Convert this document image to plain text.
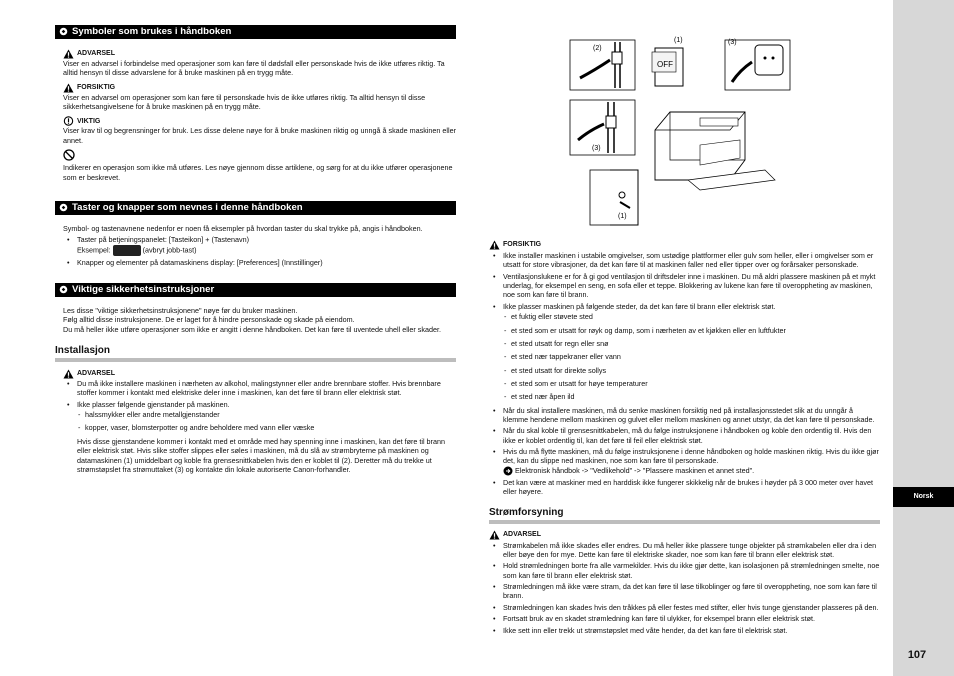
Norsk
107
Symboler som brukes i håndboken
ADVARSEL

Viser en advarsel i forbindelse med operasjoner som kan føre til dødsfall eller personskade hvis de ikke utføres riktig. Ta alltid hensyn til disse advarslene for å bruke maskinen på en trygg måte.

FORSIKTIG

Viser en advarsel om operasjoner som kan føre til personskade hvis de ikke utføres riktig. Ta alltid hensyn til disse sikkerhetsangivelsene for å bruke maskinen på en trygg måte.

VIKTIG

Viser krav til og begrensninger for bruk. Les disse delene nøye for å bruke maskinen riktig og unngå å skade maskinen eller annet.

Indikerer en operasjon som ikke må utføres. Les nøye gjennom disse artiklene, og sørg for at du ikke utfører operasjonene som er beskrevet.

Taster og knapper som nevnes i denne håndboken

Symbol- og tastenavnene nedenfor er noen få eksempler på hvordan taster du skal trykke på, angis i håndboken.

• Taster på betjeningspanelet: [Tasteikon] + (Tastenavn)
Eksempel:	(avbryt jobb-tast)
• Knapper og elementer på datamaskinens display: [Preferences] (Innstillinger)
Viktige sikkerhetsinstruksjoner

Les disse "viktige sikkerhetsinstruksjonene" nøye før du bruker maskinen.

Følg alltid disse instruksjonene. De er laget for å hindre personskade og skade på eiendom.

Du må heller ikke utføre operasjoner som ikke er angitt i denne håndboken. Det kan føre til uventede uhell eller skader.

Installasjon
ADVARSEL
• Du må ikke installere maskinen i nærheten av alkohol, malingstynner eller andre brennbare stoffer. Hvis brennbare stoffer kommer i kontakt med elektriske deler inne i maskinen, kan det føre til brann eller elektrisk støt.
• Ikke plasser følgende gjenstander på maskinen.
- halssmykker eller andre metallgjenstander
- kopper, vaser, blomsterpotter og andre beholdere med vann eller væske
Hvis disse gjenstandene kommer i kontakt med et område med høy spenning inne i maskinen, kan det føre til brann eller elektrisk støt. Hvis slike stoffer slippes eller søles i maskinen, må du slå av strømbryterne på maskinen og datamaskinen (1) umiddelbart og koble fra grensesnittkabelen hvis den er koblet til (2). Deretter må du trekke ut strømstøpslet fra strømuttaket (3) og kontakte din lokale autoriserte Canon-forhandler.
(2)
OFF
(1)	(3)
(3)
(1)
FORSIKTIG
• Ikke installer maskinen i ustabile omgivelser, som ustødige plattformer eller gulv som heller, eller i omgivelser som er utsatt for store vibrasjoner, da det kan føre til at maskinen faller ned eller tipper over og forårsaker personskade.
• Ventilasjonslukene er for å gi god ventilasjon til driftsdeler inne i maskinen. Du må aldri plassere maskinen på et mykt underlag, for eksempel en seng, en sofa eller et teppe. Blokkering av lukene kan føre til overoppheting av maskinen, noe som kan føre til brann.
• Ikke plasser maskinen på følgende steder, da det kan føre til brann eller elektrisk støt.
- et fuktig eller støvete sted
- et sted som er utsatt for røyk og damp, som i nærheten av et kjøkken eller en luftfukter
- et sted utsatt for regn eller snø
- et sted nær tappekraner eller vann
- et sted utsatt for direkte sollys
- et sted som er utsatt for høye temperaturer
- et sted nær åpen ild
• Når du skal installere maskinen, må du senke maskinen forsiktig ned på installasjonsstedet slik at du unngår å klemme hendene mellom maskinen og gulvet eller mellom maskinen og annet utstyr, da det kan føre til personskade.
• Når du skal koble til grensesnittkabelen, må du følge instruksjonene i håndboken og koble den ordentlig til. Hvis den ikke er koblet ordentlig til, kan det føre til feil eller elektrisk støt.
• Hvis du må flytte maskinen, må du følge instruksjonene i denne håndboken og holde maskinen riktig. Hvis du ikke gjør det, kan du slippe ned maskinen, noe som kan føre til personskade.
Elektronisk håndbok -> "Vedlikehold" -> "Plassere maskinen et annet sted".
• Det kan være at maskiner med en harddisk ikke fungerer skikkelig når de brukes i høyder på 3 000 meter over havet eller høyere.
Strømforsyning
ADVARSEL
• Strømkabelen må ikke skades eller endres. Du må heller ikke plassere tunge objekter på strømkabelen eller dra i den eller bøye den for mye. Dette kan føre til elektriske skader, noe som kan føre til brann eller elektrisk støt.
• Hold strømledningen borte fra alle varmekilder. Hvis du ikke gjør dette, kan isolasjonen på strømledningen smelte, noe som kan føre til brann eller elektrisk støt.
• Strømledningen må ikke være stram, da det kan føre til løse tilkoblinger og føre til overoppheting, noe som kan føre til brann.
• Strømledningen kan skades hvis den tråkkes på eller festes med stifter, eller hvis tunge gjenstander plasseres på den.
• Fortsatt bruk av en skadet strømledning kan føre til ulykker, for eksempel brann eller elektrisk støt.
• Ikke sett inn eller trekk ut strømstøpslet med våte hender, da det kan føre til elektrisk støt.
